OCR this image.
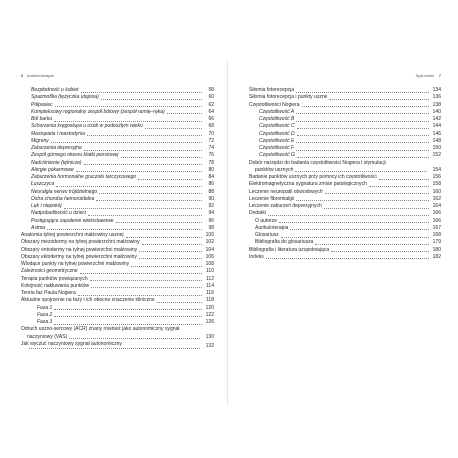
6 Aurikuloterapia
Bezpłodność u kobiet	58
Spazmofilia (tężyczka utajona)	60
Półpasiec	62
Kompleksowy regionalny zespół bólowy (zespół ramię–ręka)	64
Ból barku	66
Schorzenia kręgosłupa u osób w podeszłym wieku	68
Mastopatia i mastodynia	70
Migreny	72
Zaburzenia depresyjne	74
Zespół górnego otworu klatki piersiowej	76
Nadciśnienie (tętnicze)	78
Alergie pokarmowe	80
Zaburzenia hormonalne gruczołu tarczycowego	84
Łuszczyca	86
Neuralgia nerwu trójdzielnego	88
Ostra choroba hemoroidalna	90
Lęk i niepokój	92
Nadpobudliwość u dzieci	94
Postępujące zapalenie wielostawowe	96
Astma	98
Anatomia tylnej powierzchni małżowiny usznej	100
Obszary mezodermy na tylnej powierzchni małżowiny	102
Obszary entodermy na tylnej powierzchni małżowiny	104
Obszary ektodermy na tylnej powierzchni małżowiny	106
Wiodące punkty na tylnej powierzchni małżowiny	108
Zależności geometryczne	110
Terapia punktów powiązanych	112
Kolejność nakłuwania punktów	114
Teoria faz Paula Nogiera	116
Aktualne spojrzenie na fazy i ich obecne znaczenie kliniczne	118
Faza 1	120
Faza 2	122
Faza 3	126
Odruch uszno-sercowy (ACR) znany również jako autonomiczny sygnał
naczyniowy (VAS)	130
Jak wyczuć naczyniowy sygnał autonomiczny	132
Spis treści 7
Siłomia fotorecepcja	134
Siłomia fotorecepcja i punkty uszne	136
Częstotliwości Nogiera	138
Częstotliwość A	140
Częstotliwość B	142
Częstotliwość C	144
Częstotliwość D	146
Częstotliwość E	148
Częstotliwość F	150
Częstotliwość G	152
Dobór narzędzi do badania częstotliwości Nogiera i stymulacji
punktów usznych	154
Badanie punktów usznych przy pomocy ich częstotliwości	156
Elektromagnetyczna sygnatura zmian patologicznych	158
Leczenie neuropatii obwodowych	160
Leczenie fibromialgii	162
Leczenie zaburzeń depresyjnych	164
Dodatki	166
O autorze	166
Aurikuloterapia	167
Glosariusz	168
Bibliografia do glosariusza	179
Bibliografia i literatura uzupełniająca	180
Indeks	182
